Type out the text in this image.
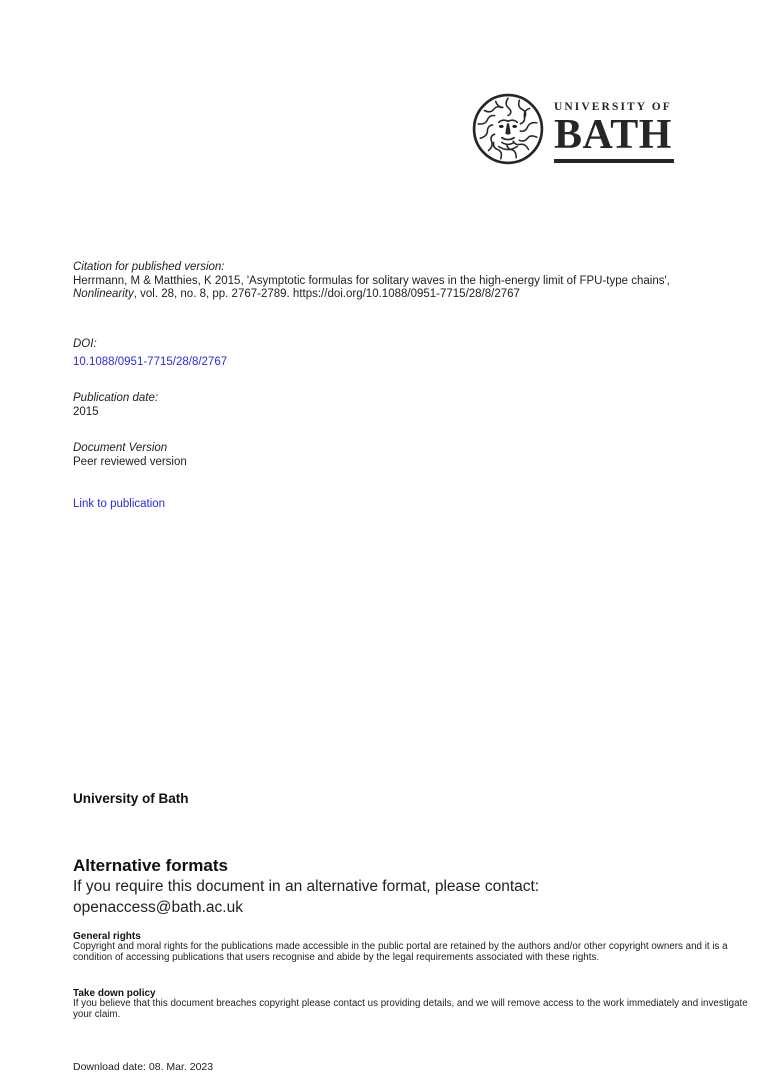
UNIVERSITY OF
BATH
Citation for published version:

Herrmann, M & Matthies, K 2015, 'Asymptotic formulas for solitary waves in the high-energy limit of FPU-type chains', Nonlinearity, vol. 28, no. 8, pp. 2767-2789. https://doi.org/10.1088/0951-7715/28/8/2767

DOI:
10.1088/0951-7715/28/8/2767
Publication date:
2015
Document Version
Peer reviewed version
Link to publication
University of Bath
Alternative formats
If you require this document in an alternative format, please contact:
openaccess@bath.ac.uk
General rights

Copyright and moral rights for the publications made accessible in the public portal are retained by the authors and/or other copyright owners and it is a condition of accessing publications that users recognise and abide by the legal requirements associated with these rights.

Take down policy

If you believe that this document breaches copyright please contact us providing details, and we will remove access to the work immediately and investigate your claim.

Download date: 08. Mar. 2023
